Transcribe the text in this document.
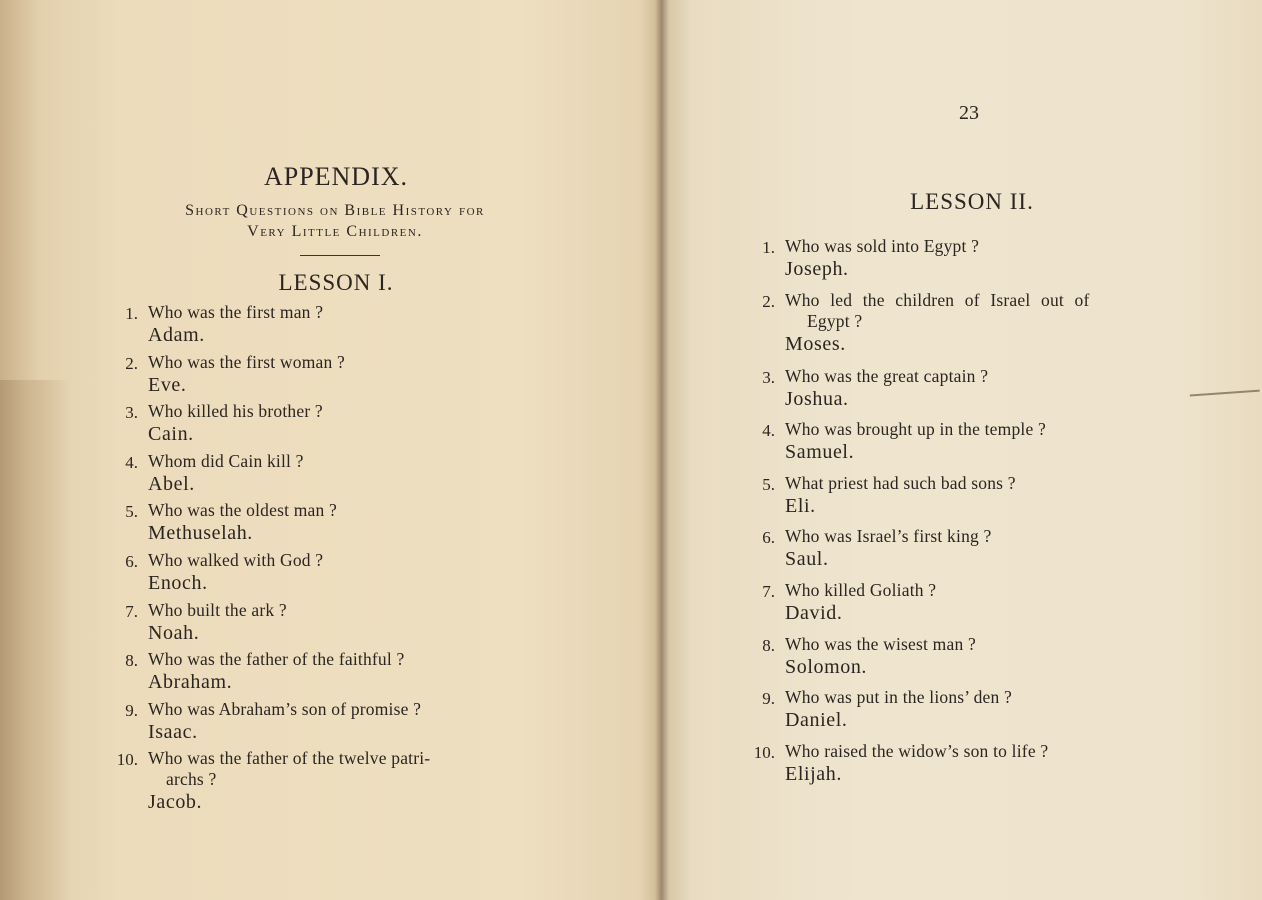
APPENDIX.
Short Questions on Bible History for
Very Little Children.
LESSON I.
1. Who was the first man ?
Adam.
2. Who was the first woman ?
Eve.
3. Who killed his brother ?
Cain.
4. Whom did Cain kill ?
Abel.
5. Who was the oldest man ?
Methuselah.
6. Who walked with God ?
Enoch.
7. Who built the ark ?
Noah.
8. Who was the father of the faithful ?
Abraham.
9. Who was Abraham’s son of promise ?
Isaac.
10. Who was the father of the twelve patri-
archs ?
Jacob.
23
LESSON II.
1. Who was sold into Egypt ?
Joseph.
2. Who led the children of Israel out of
Egypt ?
Moses.
3. Who was the great captain ?
Joshua.
4. Who was brought up in the temple ?
Samuel.
5. What priest had such bad sons ?
Eli.
6. Who was Israel’s first king ?
Saul.
7. Who killed Goliath ?
David.
8. Who was the wisest man ?
Solomon.
9. Who was put in the lions’ den ?
Daniel.
10. Who raised the widow’s son to life ?
Elijah.
